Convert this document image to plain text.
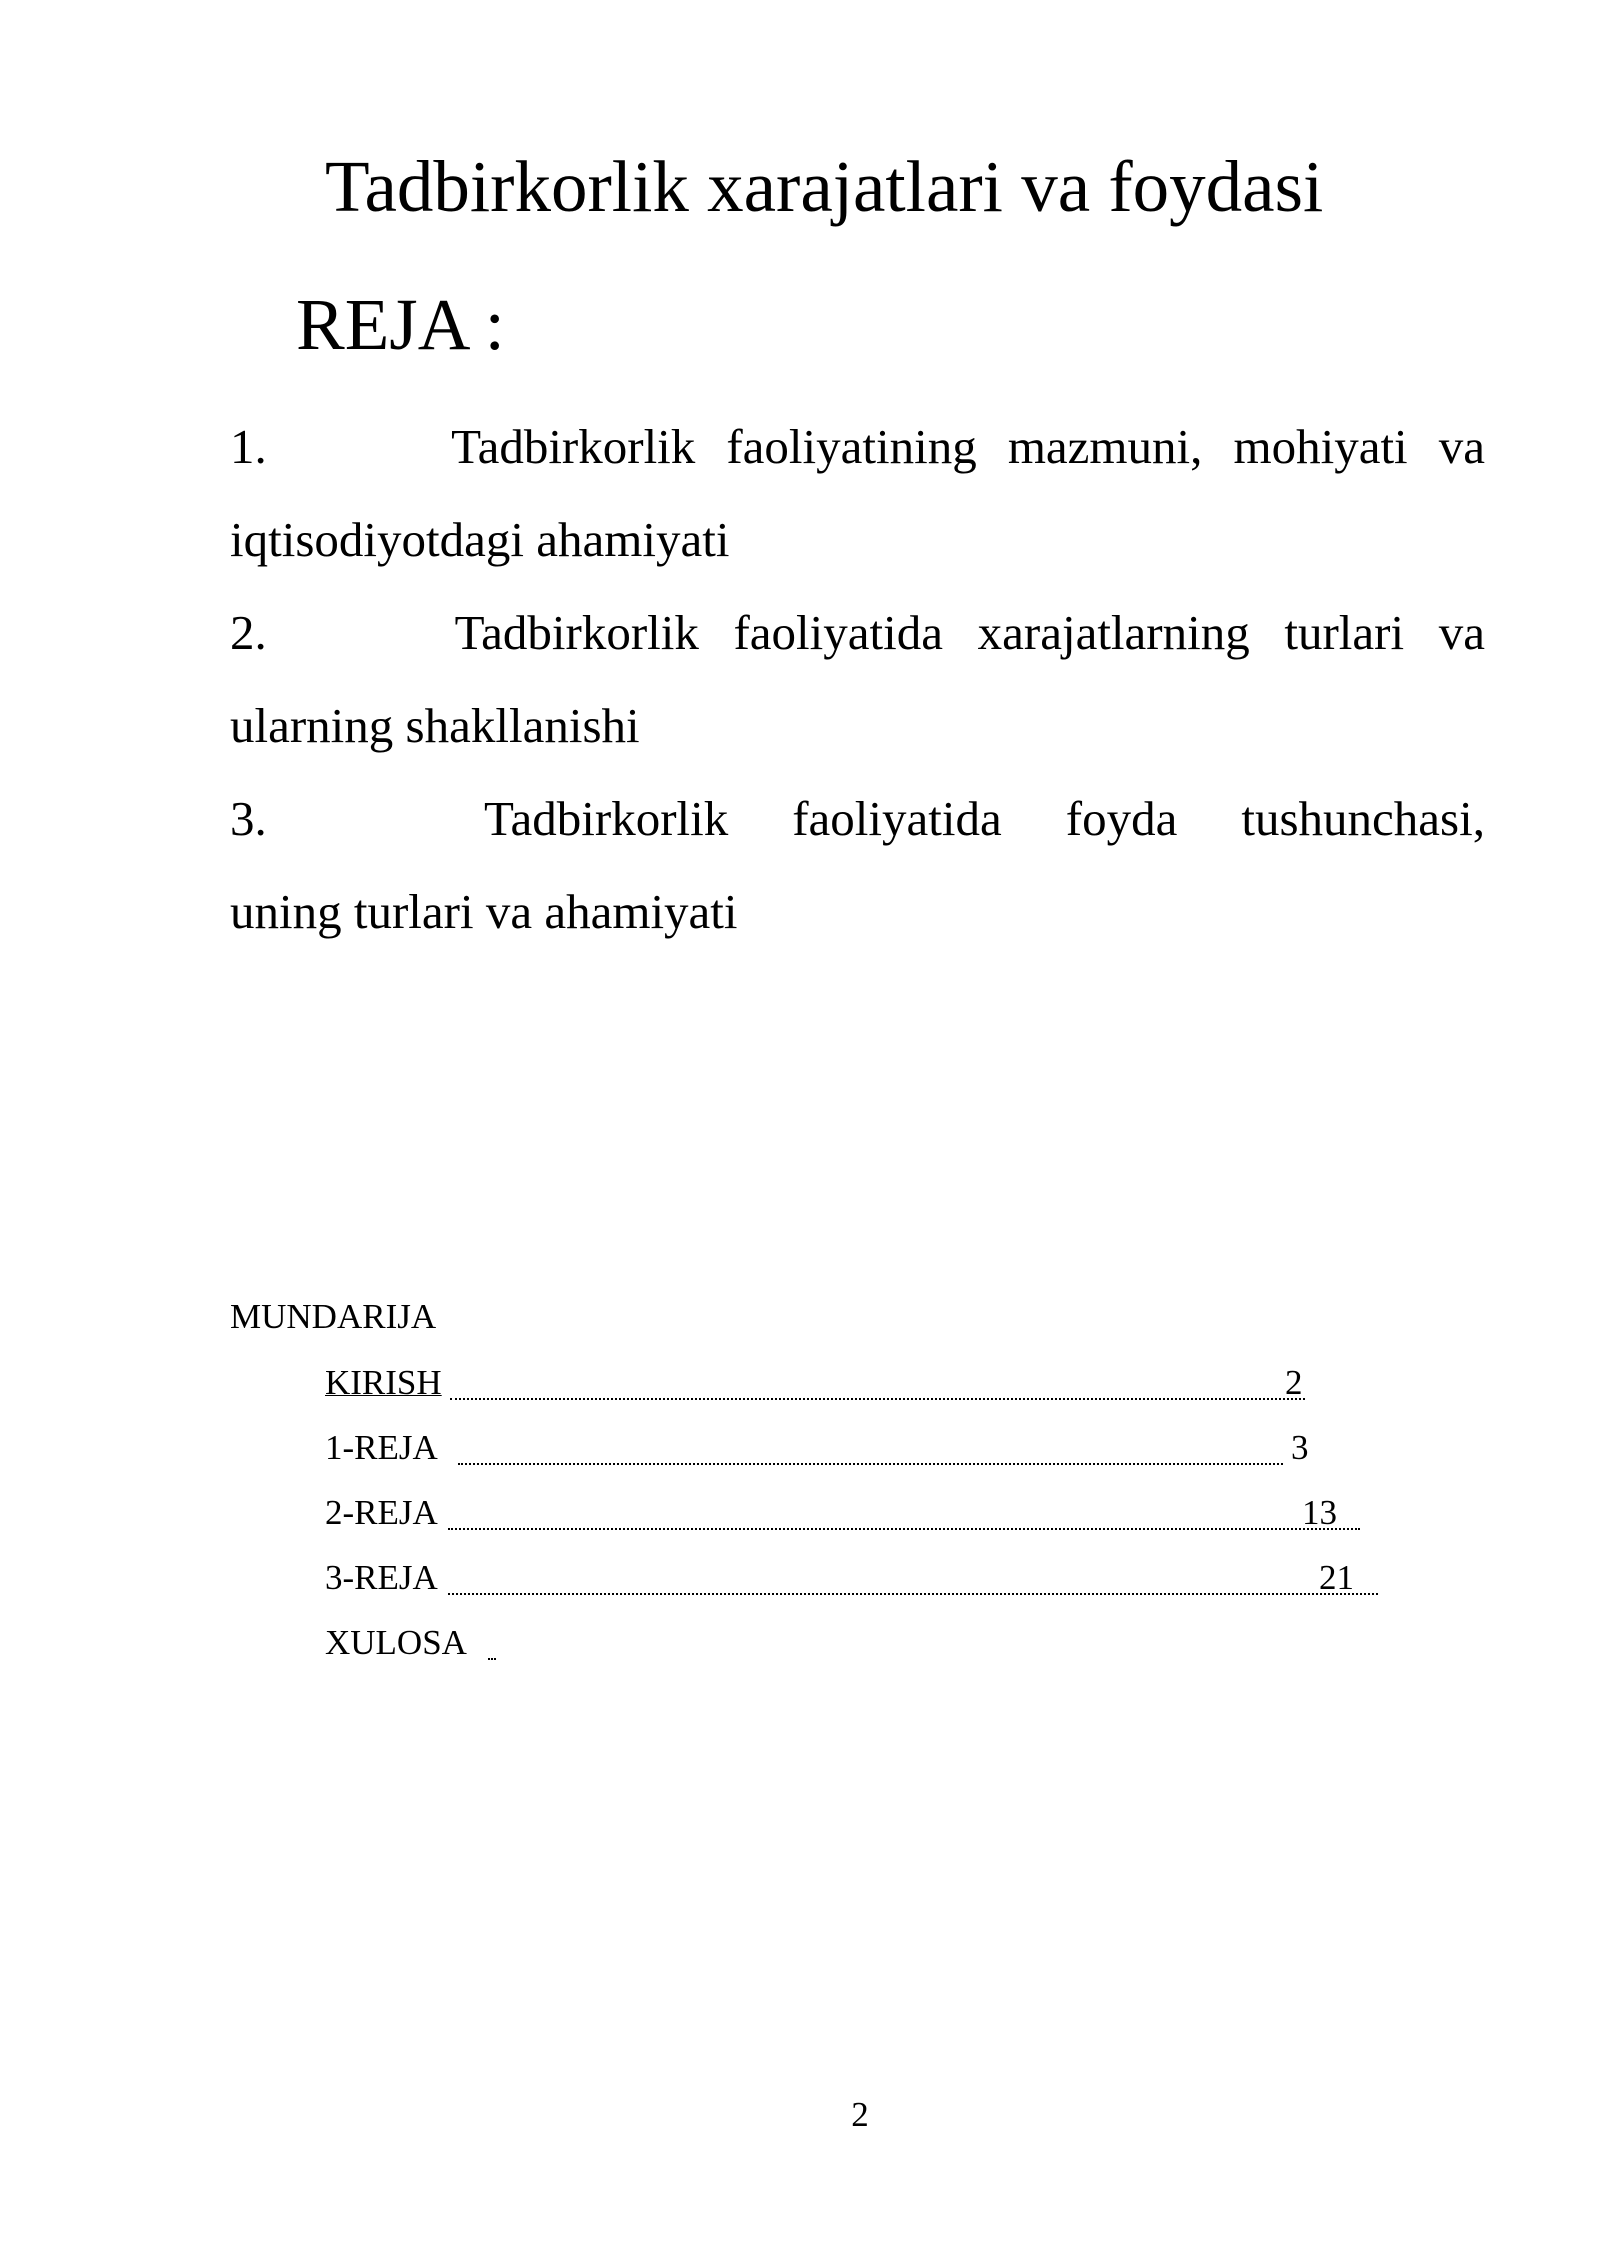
Tadbirkorlik xarajatlari va foydasi
REJA :
1.	Tadbirkorlik faoliyatining mazmuni, mohiyati va
iqtisodiyotdagi ahamiyati
2.	Tadbirkorlik faoliyatida xarajatlarning turlari va
ularning shakllanishi
3.	Tadbirkorlik faoliyatida foyda tushunchasi,
uning turlari va ahamiyati
MUNDARIJA
KIRISH	2
1-REJA	3
2-REJA	13
3-REJA	21
XULOSA
2
